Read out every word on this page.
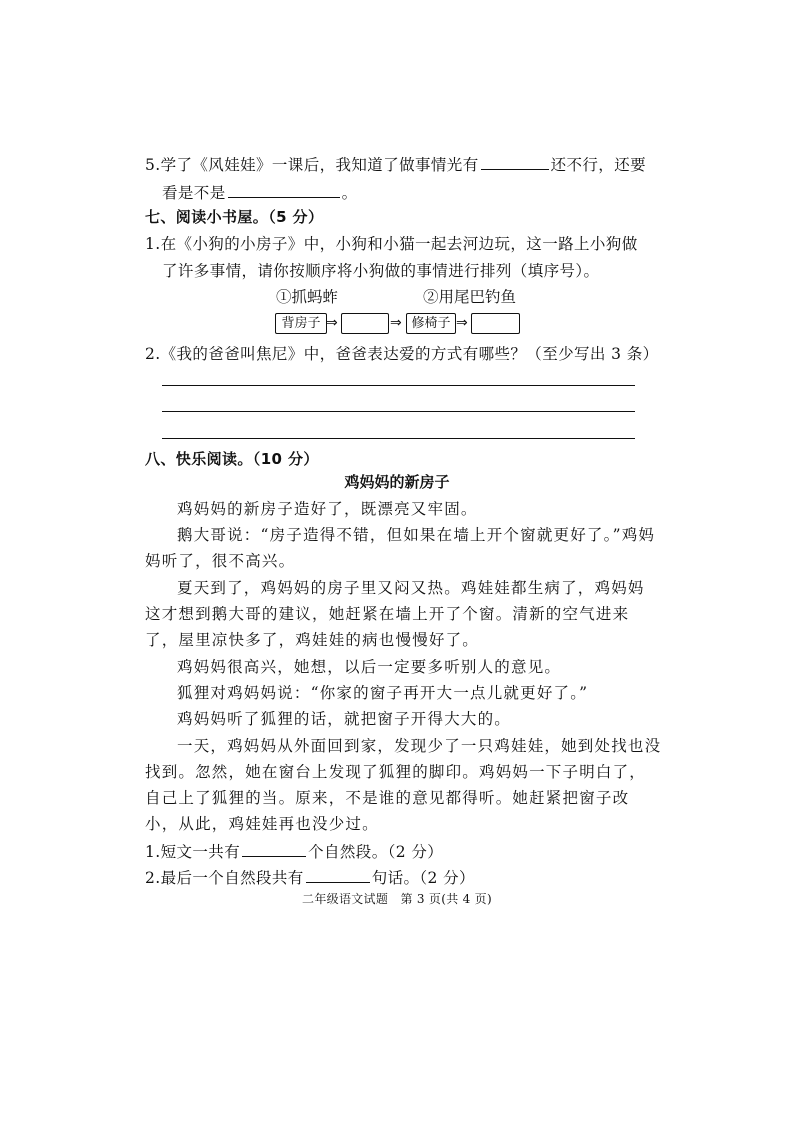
5.学了《风娃娃》一课后，我知道了做事情光有	还不行，还要
看是不是	。
七、阅读小书屋。（5 分）
1.在《小狗的小房子》中，小狗和小猫一起去河边玩，这一路上小狗做
了许多事情，请你按顺序将小狗做的事情进行排列（填序号）。
①抓蚂蚱	②用尾巴钓鱼
背房子 ⇒	⇒ 修椅子 ⇒
2.《我的爸爸叫焦尼》中，爸爸表达爱的方式有哪些？（至少写出 3 条）
八、快乐阅读。（10 分）
鸡妈妈的新房子
鸡妈妈的新房子造好了，既漂亮又牢固。
鹅大哥说：“房子造得不错，但如果在墙上开个窗就更好了。”鸡妈
妈听了，很不高兴。
夏天到了，鸡妈妈的房子里又闷又热。鸡娃娃都生病了，鸡妈妈
这才想到鹅大哥的建议，她赶紧在墙上开了个窗。清新的空气进来
了，屋里凉快多了，鸡娃娃的病也慢慢好了。
鸡妈妈很高兴，她想，以后一定要多听别人的意见。
狐狸对鸡妈妈说：“你家的窗子再开大一点儿就更好了。”
鸡妈妈听了狐狸的话，就把窗子开得大大的。
一天，鸡妈妈从外面回到家，发现少了一只鸡娃娃，她到处找也没
找到。忽然，她在窗台上发现了狐狸的脚印。鸡妈妈一下子明白了，
自己上了狐狸的当。原来，不是谁的意见都得听。她赶紧把窗子改
小，从此，鸡娃娃再也没少过。
1.短文一共有	个自然段。（2 分）
2.最后一个自然段共有	句话。（2 分）
二年级语文试题　第 3 页(共 4 页)
